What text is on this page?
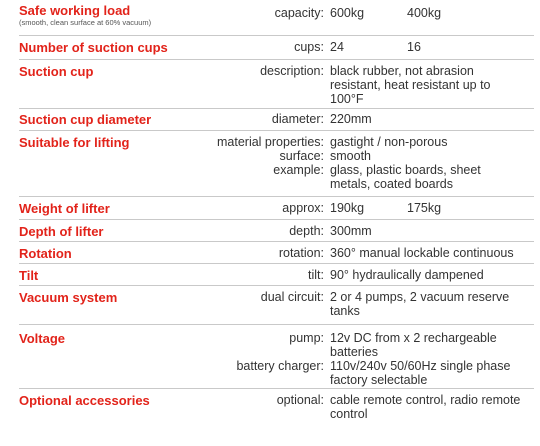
Safe working load
(smooth, clean surface at 60% vacuum)
capacity: 600kg	400kg
Number of suction cups	cups: 24	16
Suction cup	description: black rubber, not abrasion
resistant, heat resistant up to
100°F
Suction cup diameter	diameter: 220mm
Suitable for lifting	material properties: gastight / non-porous
surface: smooth
example: glass, plastic boards, sheet
metals, coated boards
Weight of lifter	approx: 190kg	175kg
Depth of lifter	depth: 300mm
Rotation	rotation: 360° manual lockable continuous
Tilt	tilt: 90° hydraulically dampened
Vacuum system	dual circuit: 2 or 4 pumps, 2 vacuum reserve
tanks
Voltage	pump: 12v DC from x 2 rechargeable
batteries
battery charger: 110v/240v 50/60Hz single phase
factory selectable
Optional accessories	optional: cable remote control, radio remote
control
